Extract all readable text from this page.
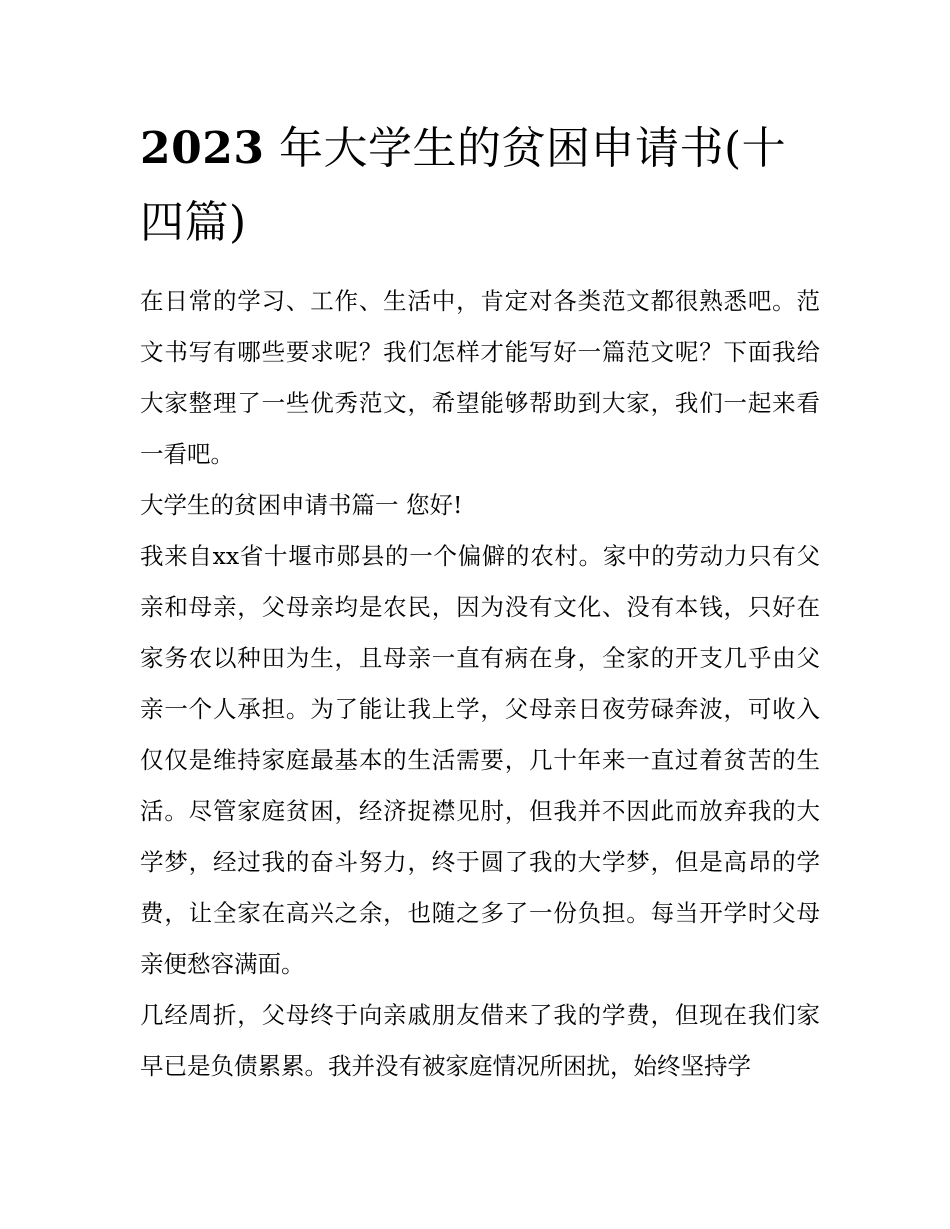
2023 年大学生的贫困申请书(十四篇)

在日常的学习、工作、生活中，肯定对各类范文都很熟悉吧。范文书写有哪些要求呢？我们怎样才能写好一篇范文呢？下面我给大家整理了一些优秀范文，希望能够帮助到大家，我们一起来看一看吧。

大学生的贫困申请书篇一 您好!

我来自xx省十堰市郧县的一个偏僻的农村。家中的劳动力只有父亲和母亲，父母亲均是农民，因为没有文化、没有本钱，只好在家务农以种田为生，且母亲一直有病在身，全家的开支几乎由父亲一个人承担。为了能让我上学，父母亲日夜劳碌奔波，可收入仅仅是维持家庭最基本的生活需要，几十年来一直过着贫苦的生活。尽管家庭贫困，经济捉襟见肘，但我并不因此而放弃我的大学梦，经过我的奋斗努力，终于圆了我的大学梦，但是高昂的学费，让全家在高兴之余，也随之多了一份负担。每当开学时父母亲便愁容满面。

几经周折，父母终于向亲戚朋友借来了我的学费，但现在我们家早已是负债累累。我并没有被家庭情况所困扰，始终坚持学
